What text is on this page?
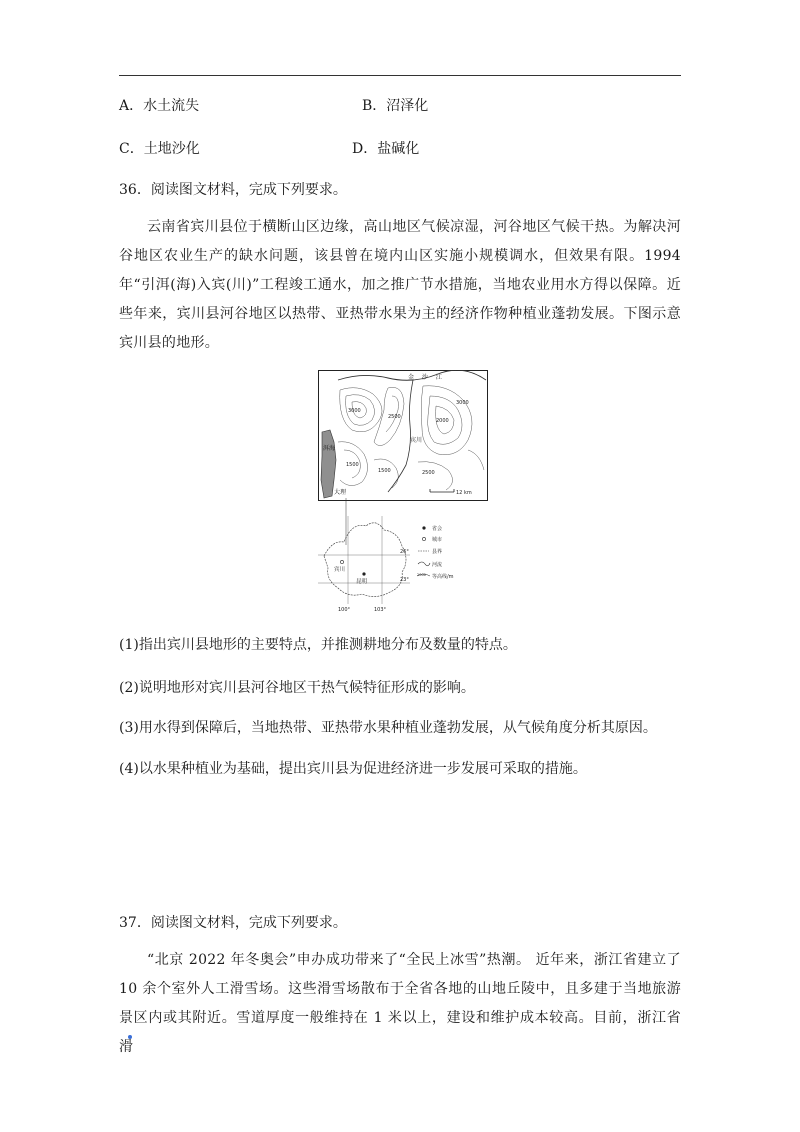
A．水土流失	B．沼泽化
C．土地沙化	D．盐碱化
36．阅读图文材料，完成下列要求。
云南省宾川县位于横断山区边缘，高山地区气候凉湿，河谷地区气候干热。为解决河谷地区农业生产的缺水问题，该县曾在境内山区实施小规模调水，但效果有限。1994 年“引洱(海)入宾(川)”工程竣工通水，加之推广节水措施，当地农业用水方得以保障。近些年来，宾川县河谷地区以热带、亚热带水果为主的经济作物种植业蓬勃发展。下图示意宾川县的地形。
洱海
金 沙 江
宾川
3000
2500
2000
1500
3000
2500
1500
大理	12 km
宾川
昆明
26°
23°
100°	103°
省会
城市
县界
河流
2000 等高线/m
(1)指出宾川县地形的主要特点，并推测耕地分布及数量的特点。
(2)说明地形对宾川县河谷地区干热气候特征形成的影响。
(3)用水得到保障后，当地热带、亚热带水果种植业蓬勃发展，从气候角度分析其原因。
(4)以水果种植业为基础，提出宾川县为促进经济进一步发展可采取的措施。
37．阅读图文材料，完成下列要求。
“北京 2022 年冬奥会”申办成功带来了“全民上冰雪”热潮。 近年来，浙江省建立了 10 余个室外人工滑雪场。这些滑雪场散布于全省各地的山地丘陵中，且多建于当地旅游景区内或其附近。雪道厚度一般维持在 1 米以上，建设和维护成本较高。目前，浙江省滑
